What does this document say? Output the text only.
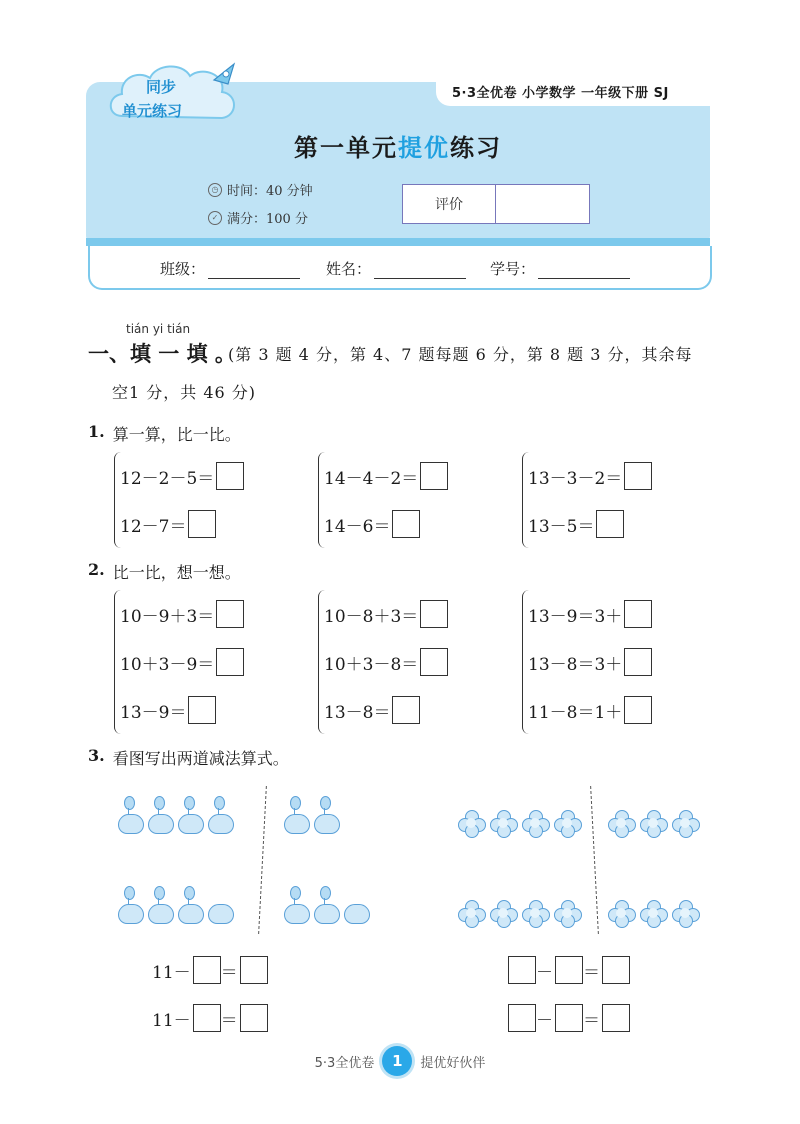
5·3全优卷 小学数学 一年级下册 SJ
同步
单元练习
第一单元提优练习
◷ 时间：40 分钟
✓ 满分：100 分
评价
班级：	姓名：	学号：
tián yi tián
一、填 一 填 。
(第 3 题 4 分，第 4、7 题每题 6 分，第 8 题 3 分，其余每
空1 分，共 46 分)
1. 算一算，比一比。
12－2－5＝
12－7＝
14－4－2＝
14－6＝
13－3－2＝
13－5＝
2. 比一比，想一想。
10－9＋3＝
10＋3－9＝
13－9＝
10－8＋3＝
10＋3－8＝
13－8＝
13－9＝3＋
13－8＝3＋
11－8＝1＋
3. 看图写出两道减法算式。
11－ ＝
11－ ＝
－ ＝
－ ＝
5·3全优卷	1	提优好伙伴
